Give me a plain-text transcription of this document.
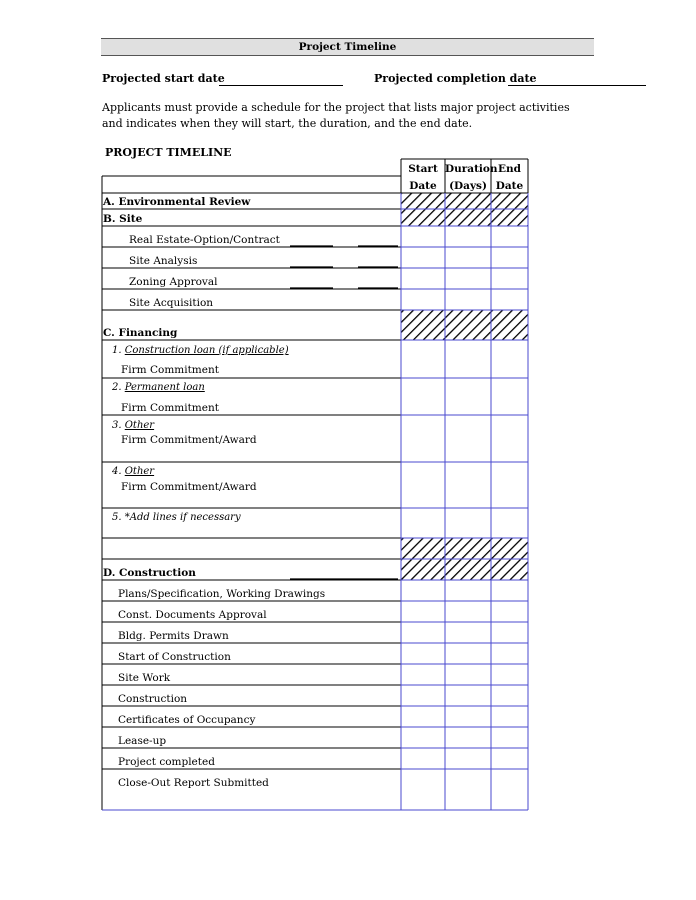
Project Timeline
Projected start date	Projected completion date
Applicants must provide a schedule for the project that lists major project activities and indicates when they will start, the duration, and the end date.
PROJECT TIMELINE
Start
Date
Duration
(Days)
End
Date
A. Environmental Review
B. Site
Real Estate-Option/Contract
Site Analysis
Zoning Approval
Site Acquisition
C. Financing
1. Construction loan (if applicable)
Firm Commitment
2. Permanent loan
Firm Commitment
3. Other
Firm Commitment/Award
4. Other
Firm Commitment/Award
5. *Add lines if necessary
D. Construction
Plans/Specification, Working Drawings
Const. Documents Approval
Bldg. Permits Drawn
Start of Construction
Site Work
Construction
Certificates of Occupancy
Lease-up
Project completed
Close-Out Report Submitted
